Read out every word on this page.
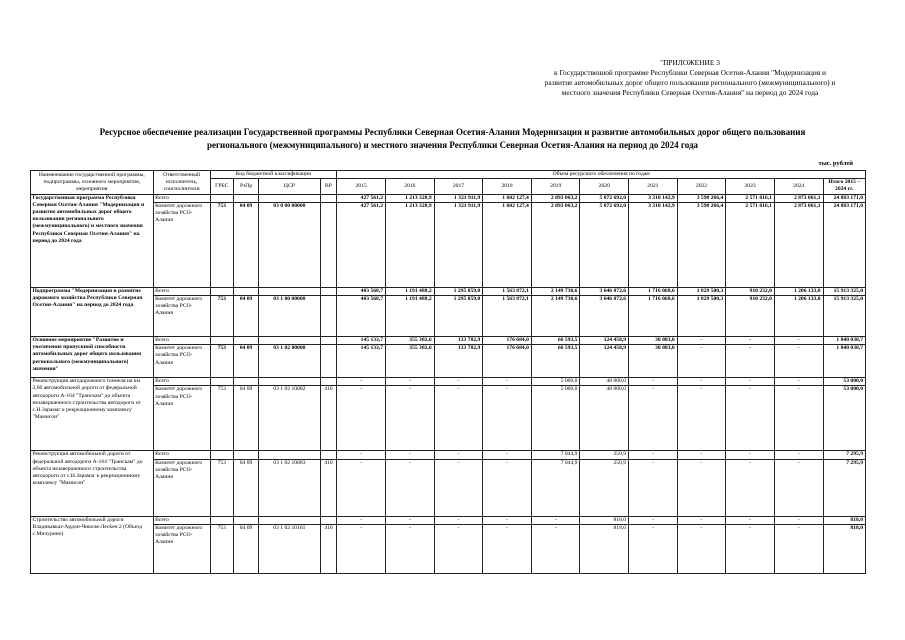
"ПРИЛОЖЕНИЕ 3
к Государственной программе Республики Северная Осетия-Алания "Модернизация и
развитие автомобильных дорог общего пользования регионального (межмуниципального) и
местного значения Республики Северная Осетия-Алания" на период до 2024 года
Ресурсное обеспечение реализации Государственной программы Республики Северная Осетия-Алания Модернизация и развитие автомобильных дорог общего пользования
регионального (межмуниципального) и местного значения Республики Северная Осетия-Алания на период до 2024 года
тыс. рублей
Наименование государственной программы, подпрограммы, основного мероприятия, мероприятия	Ответственный исполнитель, соисполнители	Код бюджетной классификации				Объем ресурсного обеспечения по годам										
		ГРБС	РзПр	ЦСР	ВР	2015	2016	2017	2018	2019	2020	2021	2022	2023	2024	Итого 2015 – 2024 гг.
Государственная программа Республики Северная Осетия-Алания "Модернизация и развитие автомобильных дорог общего пользования регионального (межмуниципального) и местного значения Республики Северная Осетия-Алания" на период до 2024 года	Всего					427 561,2	1 213 328,9	1 321 911,9	1 602 127,4	2 893 063,2	5 072 692,0	3 310 142,9	3 598 266,4	2 571 016,1	2 873 061,1	24 883 171,0
	Комитет дорожного хозяйства РСО-Алания	753	04 09	03 0 00 00000		427 561,2	1 213 328,9	1 321 911,9	1 602 127,4	2 893 063,2	5 072 692,0	3 310 142,9	3 598 266,4	2 571 016,1	2 873 061,1	24 883 171,0
Подпрограмма "Модернизация и развитие дорожного хозяйства Республики Северная Осетия-Алания" на период до 2024 года	Всего					403 568,7	1 191 488,2	1 295 859,0	1 563 872,1	2 149 730,6	3 646 872,6	1 716 068,6	1 829 500,3	910 232,0	1 206 133,0	15 913 325,0
	Комитет дорожного хозяйства РСО-Алания	753	04 09	03 1 00 00000		403 568,7	1 191 488,2	1 295 859,0	1 563 872,1	2 149 730,6	3 646 872,6	1 716 068,6	1 829 500,3	910 232,0	1 206 133,0	15 913 325,0
Основное мероприятие "Развитие и увеличение пропускной способности автомобильных дорог общего пользования регионального (межмуниципального) значения"	Всего					145 133,7	355 302,6	133 782,9	176 684,0	66 593,5	124 458,9	38 083,0	-	-	-	1 040 038,7
	Комитет дорожного хозяйства РСО-Алания	753	04 09	03 1 02 00000		145 133,7	355 302,6	133 782,9	176 684,0	66 593,5	124 458,9	38 083,0	-	-	-	1 040 038,7
Реконструкция автодорожного тоннеля на км 2,66 автомобильной дороги от федеральной автодороги А-164 "Транскам" до объекта незавершенного строительства автодороги от с.Н.Зарамаг к рекреационному комплексу "Мамисон"	Всего					-	-	-	-	5 000,0	48 000,0	-	-	-	-	53 000,0
	Комитет дорожного хозяйства РСО-Алания	753	04 09	03 1 02 10082	410	-	-	-	-	5 000,0	48 000,0	-	-	-	-	53 000,0
Реконструкция автомобильной дороги от федеральной автодороги А-164 "Транскам" до объекта незавершенного строительства автодороги от с.Н.Зарамаг к рекреационному комплексу "Мамисон"	Всего					-	-	-	-	7 044,9	250,9	-	-	-	-	7 295,9
	Комитет дорожного хозяйства РСО-Алания	753	04 09	03 1 02 10083	410	-	-	-	-	7 044,9	250,9	-	-	-	-	7 295,9
Строительство автомобильной дороги Владикавказ-Ардон-Чиколя-Лесken 2 (Объезд с.Мичурино)	Всего					-	-	-	-	-	818,0	-	-	-	-	818,0
	Комитет дорожного хозяйства РСО-Алания	753	04 09	03 1 02 10161	410	-	-	-	-	-	818,0	-	-	-	-	818,0
